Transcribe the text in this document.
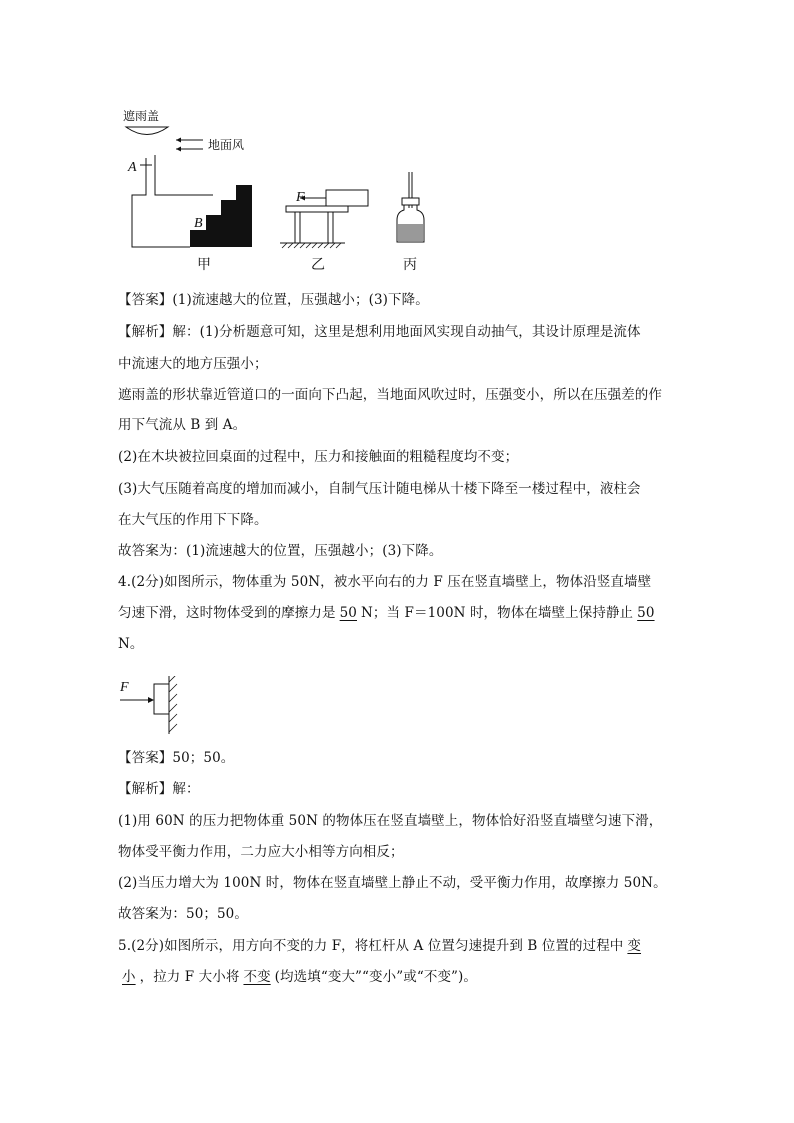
遮雨盖
地面风
A
B
甲
F
乙	丙
【答案】(1)流速越大的位置，压强越小；(3)下降。
【解析】解：(1)分析题意可知，这里是想利用地面风实现自动抽气，其设计原理是流体
中流速大的地方压强小；
遮雨盖的形状靠近管道口的一面向下凸起，当地面风吹过时，压强变小，所以在压强差的作
用下气流从 B 到 A。
(2)在木块被拉回桌面的过程中，压力和接触面的粗糙程度均不变；
(3)大气压随着高度的增加而减小，自制气压计随电梯从十楼下降至一楼过程中，液柱会
在大气压的作用下下降。
故答案为：(1)流速越大的位置，压强越小；(3)下降。
4.(2分)如图所示，物体重为 50N，被水平向右的力 F 压在竖直墙壁上，物体沿竖直墙壁
匀速下滑，这时物体受到的摩擦力是 50 N；当 F＝100N 时，物体在墙壁上保持静止 50
N。
F
【答案】50；50。
【解析】解：
(1)用 60N 的压力把物体重 50N 的物体压在竖直墙壁上，物体恰好沿竖直墙壁匀速下滑，
物体受平衡力作用，二力应大小相等方向相反；
(2)当压力增大为 100N 时，物体在竖直墙壁上静止不动，受平衡力作用，故摩擦力 50N。
故答案为：50；50。
5.(2分)如图所示，用方向不变的力 F，将杠杆从 A 位置匀速提升到 B 位置的过程中 变
小 ，拉力 F 大小将 不变 (均选填“变大”“变小”或“不变”)。
